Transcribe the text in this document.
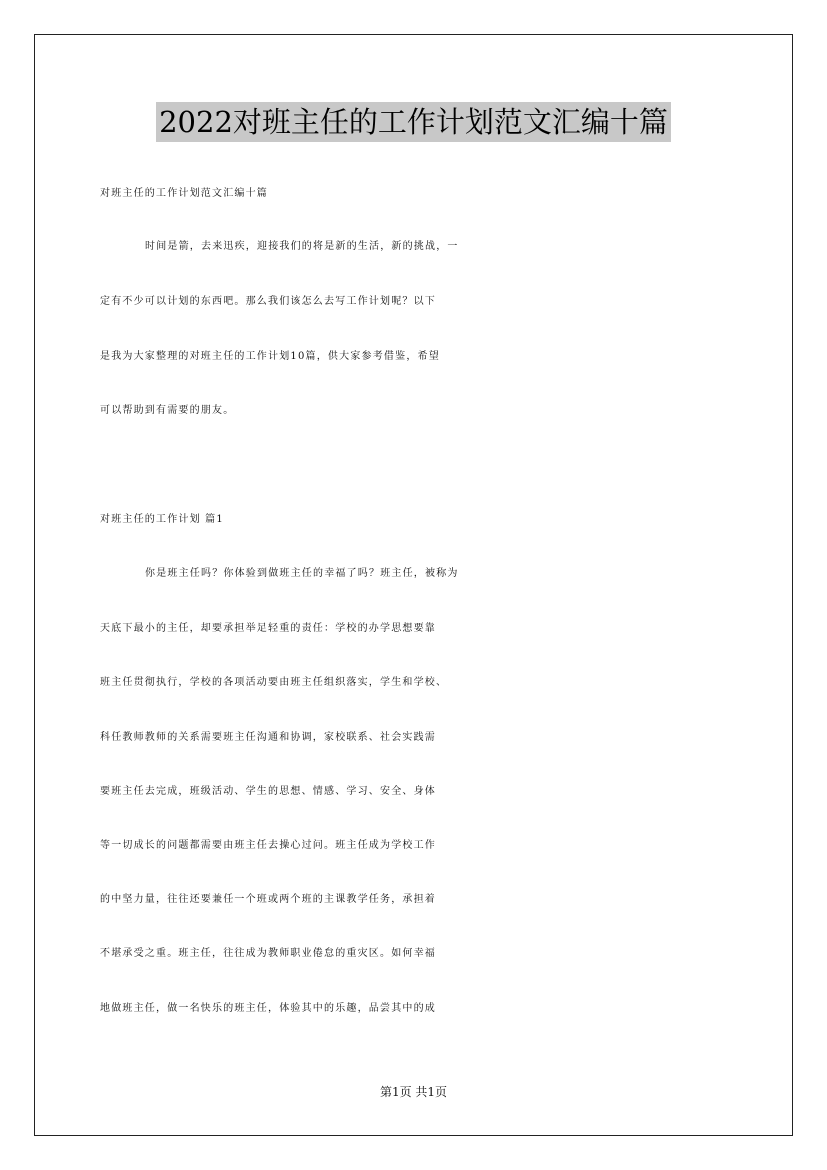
2022对班主任的工作计划范文汇编十篇
对班主任的工作计划范文汇编十篇
时间是箭，去来迅疾，迎接我们的将是新的生活，新的挑战，一
定有不少可以计划的东西吧。那么我们该怎么去写工作计划呢？以下
是我为大家整理的对班主任的工作计划10篇，供大家参考借鉴，希望
可以帮助到有需要的朋友。
对班主任的工作计划 篇1
你是班主任吗？你体验到做班主任的幸福了吗？班主任，被称为
天底下最小的主任，却要承担举足轻重的责任：学校的办学思想要靠
班主任贯彻执行，学校的各项活动要由班主任组织落实，学生和学校、
科任教师教师的关系需要班主任沟通和协调，家校联系、社会实践需
要班主任去完成，班级活动、学生的思想、情感、学习、安全、身体
等一切成长的问题都需要由班主任去操心过问。班主任成为学校工作
的中坚力量，往往还要兼任一个班或两个班的主课教学任务，承担着
不堪承受之重。班主任，往往成为教师职业倦怠的重灾区。如何幸福
地做班主任，做一名快乐的班主任，体验其中的乐趣，品尝其中的成
第1页 共1页
